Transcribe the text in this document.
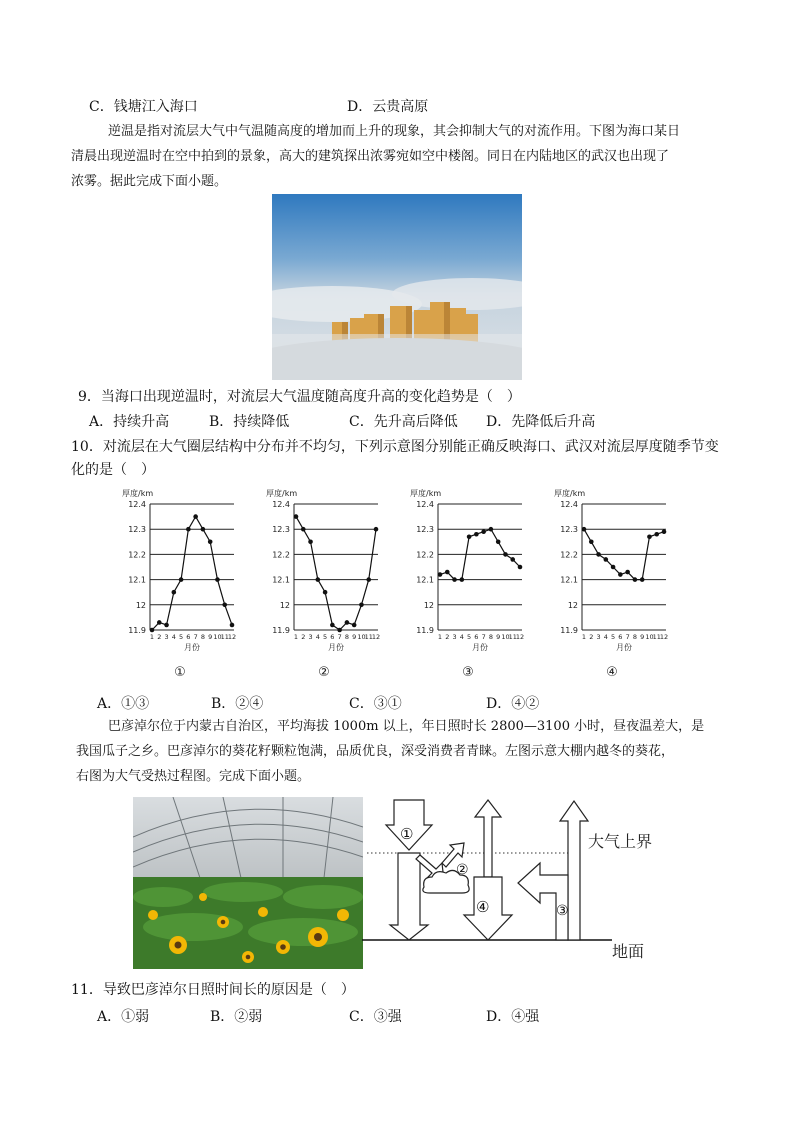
C．钱塘江入海口	D．云贵高原
逆温是指对流层大气中气温随高度的增加而上升的现象，其会抑制大气的对流作用。下图为海口某日
清晨出现逆温时在空中拍到的景象，高大的建筑探出浓雾宛如空中楼阁。同日在内陆地区的武汉也出现了
浓雾。据此完成下面小题。
9．当海口出现逆温时，对流层大气温度随高度升高的变化趋势是（　）
A．持续升高	B．持续降低	C．先升高后降低 D．先降低后升高
10．对流层在大气圈层结构中分布并不均匀，下列示意图分别能正确反映海口、武汉对流层厚度随季节变
化的是（　）
厚度/km
11.9
12
12.1
12.2
12.3
12.4
1 2 3 4 5 6 7 8 9 10
11
12
月份
①
厚度/km
11.9
12
12.1
12.2
12.3
12.4
1 2 3 4 5 6 7 8 9 10
11
12
月份
②
厚度/km
11.9
12
12.1
12.2
12.3
12.4
1 2 3 4 5 6 7 8 9 10
11
12
月份
③
厚度/km
11.9
12
12.1
12.2
12.3
12.4
1 2 3 4 5 6 7 8 9 10
11
12
月份
④
A．①③	B．②④	C．③①	D．④②
巴彦淖尔位于内蒙古自治区，平均海拔 1000m 以上，年日照时长 2800—3100 小时，昼夜温差大，是
我国瓜子之乡。巴彦淖尔的葵花籽颗粒饱满，品质优良，深受消费者青睐。左图示意大棚内越冬的葵花，
右图为大气受热过程图。完成下面小题。
①
②
③
④
大气上界
地面
11．导致巴彦淖尔日照时间长的原因是（　）
A．①弱	B．②弱	C．③强	D．④强
